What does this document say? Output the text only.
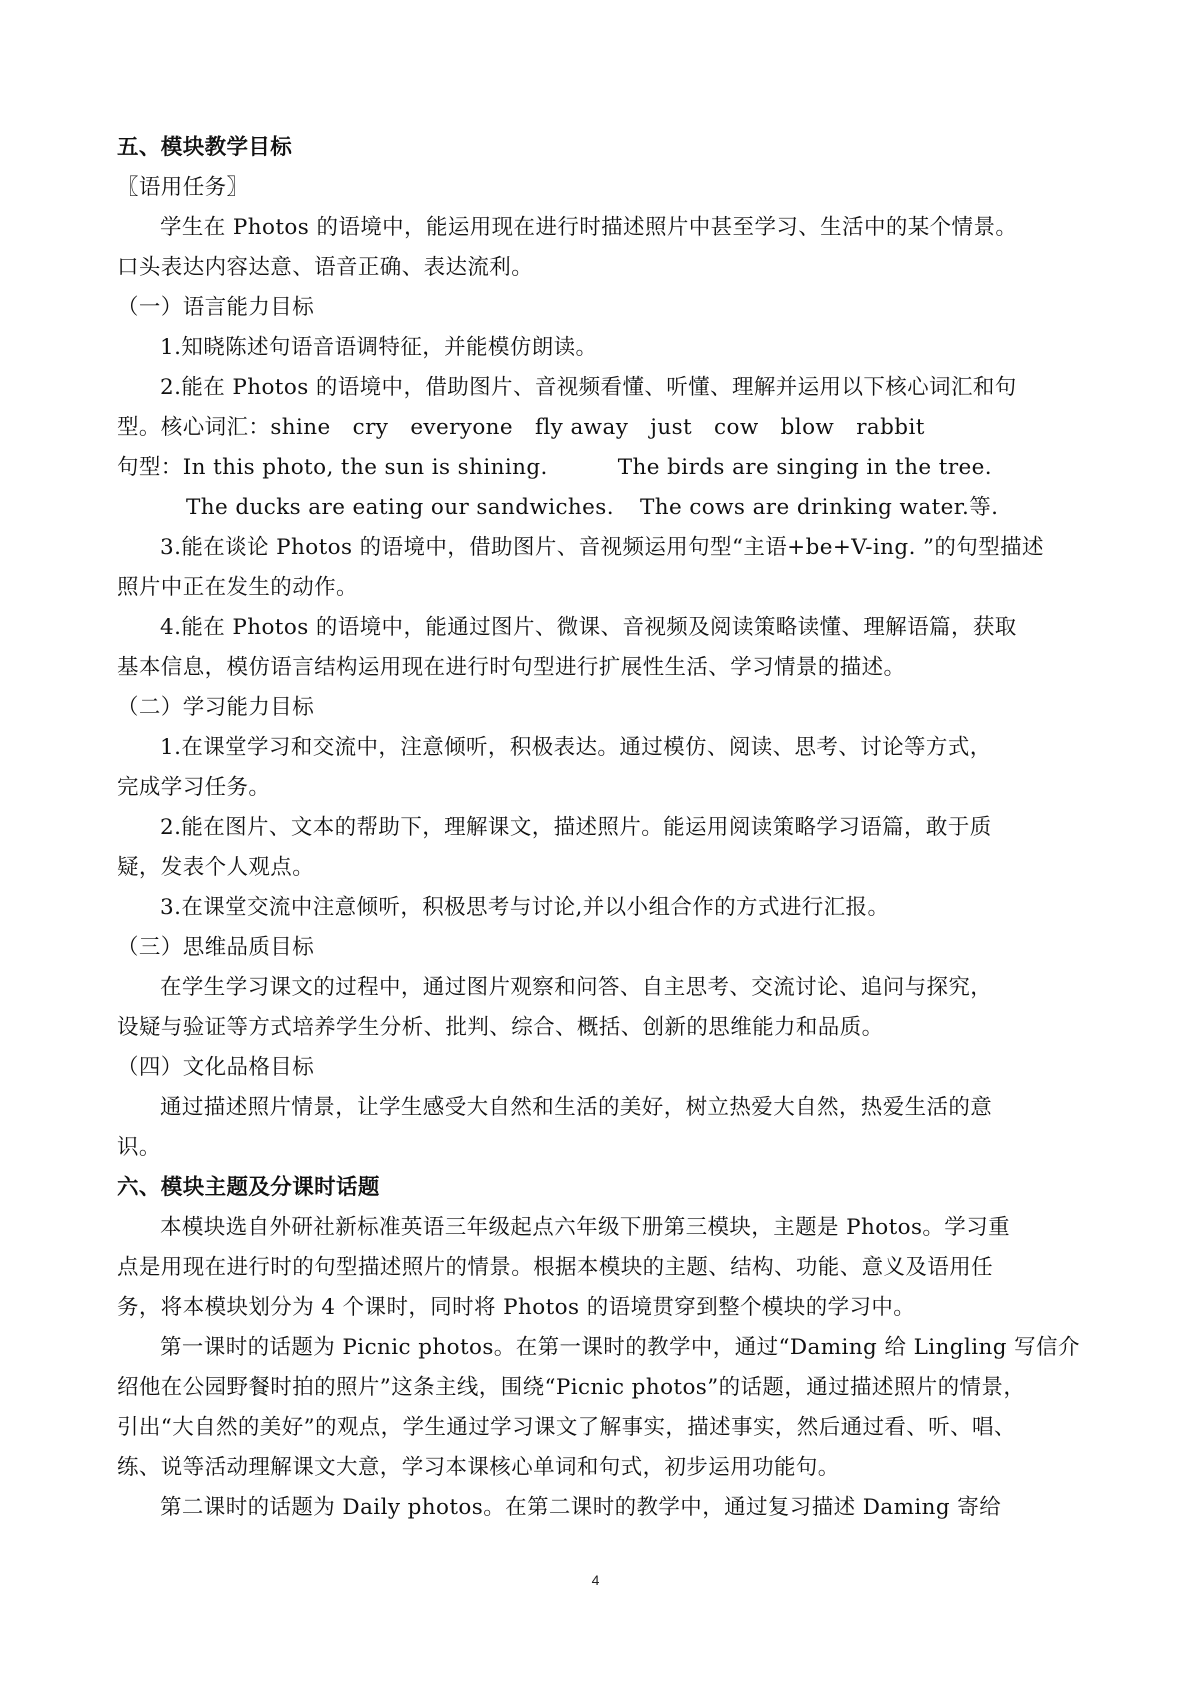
五、模块教学目标
〖语用任务〗
学生在 Photos 的语境中，能运用现在进行时描述照片中甚至学习、生活中的某个情景。
口头表达内容达意、语音正确、表达流利。
（一）语言能力目标
1.知晓陈述句语音语调特征，并能模仿朗读。
2.能在 Photos 的语境中，借助图片、音视频看懂、听懂、理解并运用以下核心词汇和句
型。核心词汇：shine cry everyone fly away just cow blow rabbit
句型：In this photo, the sun is shining.	The birds are singing in the tree.
The ducks are eating our sandwiches. The cows are drinking water.等.
3.能在谈论 Photos 的语境中，借助图片、音视频运用句型“主语+be+V-ing. ”的句型描述
照片中正在发生的动作。
4.能在 Photos 的语境中，能通过图片、微课、音视频及阅读策略读懂、理解语篇，获取
基本信息，模仿语言结构运用现在进行时句型进行扩展性生活、学习情景的描述。
（二）学习能力目标
1.在课堂学习和交流中，注意倾听，积极表达。通过模仿、阅读、思考、讨论等方式，
完成学习任务。
2.能在图片、文本的帮助下，理解课文，描述照片。能运用阅读策略学习语篇，敢于质
疑，发表个人观点。
3.在课堂交流中注意倾听，积极思考与讨论,并以小组合作的方式进行汇报。
（三）思维品质目标
在学生学习课文的过程中，通过图片观察和问答、自主思考、交流讨论、追问与探究，
设疑与验证等方式培养学生分析、批判、综合、概括、创新的思维能力和品质。
（四）文化品格目标
通过描述照片情景，让学生感受大自然和生活的美好，树立热爱大自然，热爱生活的意
识。
六、模块主题及分课时话题
本模块选自外研社新标准英语三年级起点六年级下册第三模块，主题是 Photos。学习重
点是用现在进行时的句型描述照片的情景。根据本模块的主题、结构、功能、意义及语用任
务，将本模块划分为 4 个课时，同时将 Photos 的语境贯穿到整个模块的学习中。
第一课时的话题为 Picnic photos。在第一课时的教学中，通过“Daming 给 Lingling 写信介
绍他在公园野餐时拍的照片”这条主线，围绕“Picnic photos”的话题，通过描述照片的情景，
引出“大自然的美好”的观点，学生通过学习课文了解事实，描述事实，然后通过看、听、唱、
练、说等活动理解课文大意，学习本课核心单词和句式，初步运用功能句。
第二课时的话题为 Daily photos。在第二课时的教学中，通过复习描述 Daming 寄给
4
